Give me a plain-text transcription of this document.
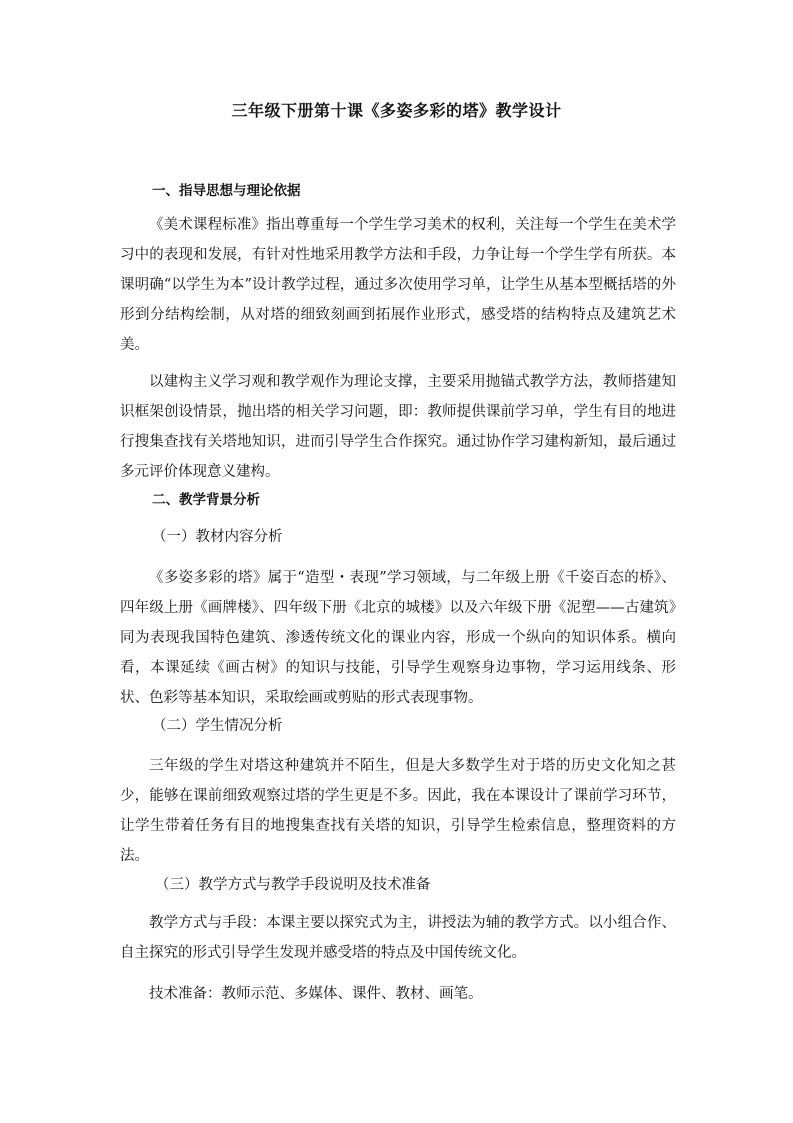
三年级下册第十课《多姿多彩的塔》教学设计
一、指导思想与理论依据

《美术课程标准》指出尊重每一个学生学习美术的权利，关注每一个学生在美术学习中的表现和发展，有针对性地采用教学方法和手段，力争让每一个学生学有所获。本课明确“以学生为本”设计教学过程，通过多次使用学习单，让学生从基本型概括塔的外形到分结构绘制，从对塔的细致刻画到拓展作业形式，感受塔的结构特点及建筑艺术美。

以建构主义学习观和教学观作为理论支撑，主要采用抛锚式教学方法，教师搭建知识框架创设情景，抛出塔的相关学习问题，即：教师提供课前学习单，学生有目的地进行搜集查找有关塔地知识，进而引导学生合作探究。通过协作学习建构新知，最后通过多元评价体现意义建构。

二、教学背景分析
（一）教材内容分析

《多姿多彩的塔》属于“造型・表现”学习领域，与二年级上册《千姿百态的桥》、四年级上册《画牌楼》、四年级下册《北京的城楼》以及六年级下册《泥塑——古建筑》同为表现我国特色建筑、渗透传统文化的课业内容，形成一个纵向的知识体系。横向看，本课延续《画古树》的知识与技能，引导学生观察身边事物，学习运用线条、形状、色彩等基本知识，采取绘画或剪贴的形式表现事物。

（二）学生情况分析

三年级的学生对塔这种建筑并不陌生，但是大多数学生对于塔的历史文化知之甚少，能够在课前细致观察过塔的学生更是不多。因此，我在本课设计了课前学习环节，让学生带着任务有目的地搜集查找有关塔的知识，引导学生检索信息，整理资料的方法。

（三）教学方式与教学手段说明及技术准备

教学方式与手段：本课主要以探究式为主，讲授法为辅的教学方式。以小组合作、自主探究的形式引导学生发现并感受塔的特点及中国传统文化。

技术准备：教师示范、多媒体、课件、教材、画笔。
